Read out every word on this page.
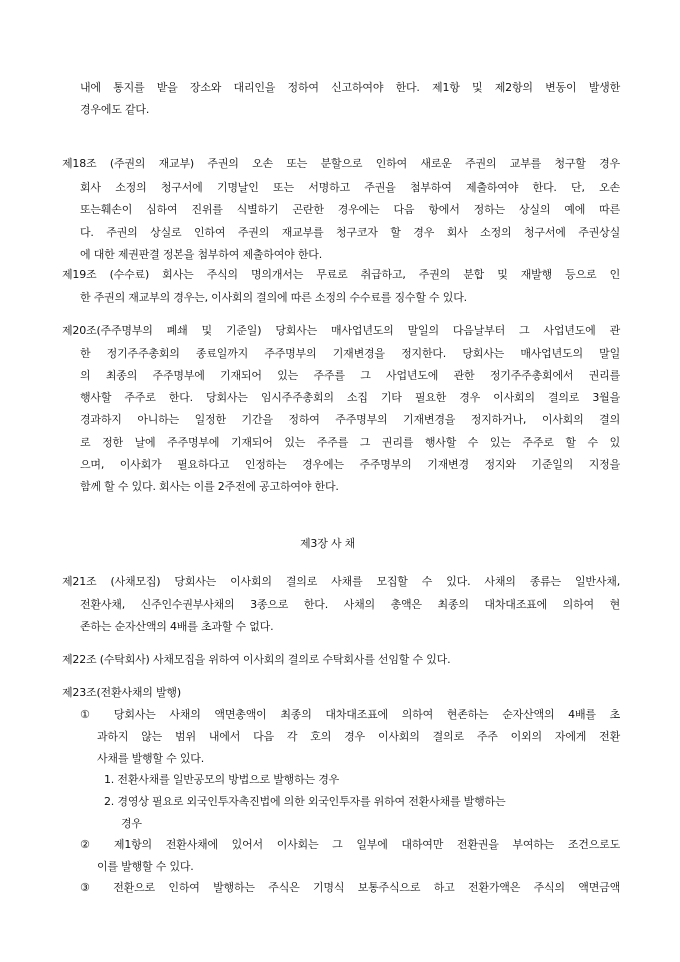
내에 통지를 받을 장소와 대리인을 정하여 신고하여야 한다. 제1항 및 제2항의 변동이 발생한
경우에도 같다.
제18조 (주권의 재교부) 주권의 오손 또는 분할으로 인하여 새로운 주권의 교부를 청구할 경우
회사 소정의 청구서에 기명날인 또는 서명하고 주권을 첨부하여 제출하여야 한다. 단, 오손
또는훼손이 심하여 진위를 식별하기 곤란한 경우에는 다음 항에서 정하는 상실의 예에 따른
다. 주권의 상실로 인하여 주권의 재교부를 청구코자 할 경우 회사 소정의 청구서에 주권상실
에 대한 제권판결 정본을 첨부하여 제출하여야 한다.
제19조 (수수료) 회사는 주식의 명의개서는 무료로 취급하고, 주권의 분합 및 재발행 등으로 인
한 주권의 재교부의 경우는, 이사회의 결의에 따른 소정의 수수료를 징수할 수 있다.
제20조(주주명부의 폐쇄 및 기준일) 당회사는 매사업년도의 말일의 다음날부터 그 사업년도에 관
한 정기주주총회의 종료일까지 주주명부의 기재변경을 정지한다. 당회사는 매사업년도의 말일
의 최종의 주주명부에 기재되어 있는 주주를 그 사업년도에 관한 정기주주총회에서 권리를
행사할 주주로 한다. 당회사는 임시주주총회의 소집 기타 필요한 경우 이사회의 결의로 3월을
경과하지 아니하는 일정한 기간을 정하여 주주명부의 기재변경을 정지하거나, 이사회의 결의
로 정한 날에 주주명부에 기재되어 있는 주주를 그 권리를 행사할 수 있는 주주로 할 수 있
으며, 이사회가 필요하다고 인정하는 경우에는 주주명부의 기재변경 정지와 기준일의 지정을
함께 할 수 있다. 회사는 이를 2주전에 공고하여야 한다.
제3장 사 채
제21조 (사채모집) 당회사는 이사회의 결의로 사채를 모집할 수 있다. 사채의 종류는 일반사채,
전환사채, 신주인수권부사채의 3종으로 한다. 사채의 총액은 최종의 대차대조표에 의하여 현
존하는 순자산액의 4배를 초과할 수 없다.
제22조 (수탁회사) 사채모집을 위하여 이사회의 결의로 수탁회사를 선임할 수 있다.
제23조(전환사채의 발행)
① 당회사는 사채의 액면총액이 최종의 대차대조표에 의하여 현존하는 순자산액의 4배를 초
과하지 않는 범위 내에서 다음 각 호의 경우 이사회의 결의로 주주 이외의 자에게 전환
사채를 발행할 수 있다.
1. 전환사채를 일반공모의 방법으로 발행하는 경우
2. 경영상 필요로 외국인투자촉진법에 의한 외국인투자를 위하여 전환사채를 발행하는
경우
② 제1항의 전환사채에 있어서 이사회는 그 일부에 대하여만 전환권을 부여하는 조건으로도
이를 발행할 수 있다.
③ 전환으로 인하여 발행하는 주식은 기명식 보통주식으로 하고 전환가액은 주식의 액면금액
